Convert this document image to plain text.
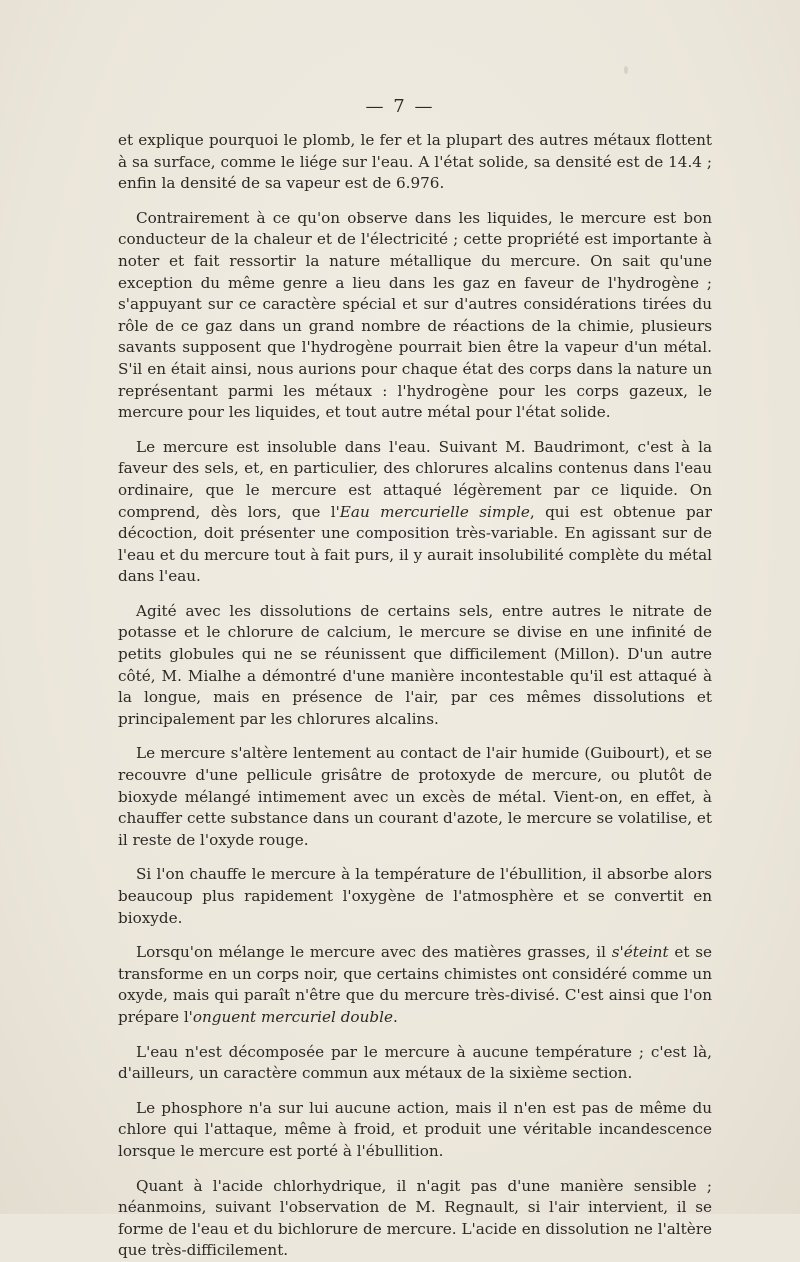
— 7 —

et explique pourquoi le plomb, le fer et la plupart des autres métaux flottent à sa surface, comme le liége sur l'eau. A l'état solide, sa densité est de 14.4 ; enfin la densité de sa vapeur est de 6.976.

Contrairement à ce qu'on observe dans les liquides, le mercure est bon conducteur de la chaleur et de l'électricité ; cette propriété est importante à noter et fait ressortir la nature métallique du mercure. On sait qu'une exception du même genre a lieu dans les gaz en faveur de l'hydrogène ; s'appuyant sur ce caractère spécial et sur d'autres considérations tirées du rôle de ce gaz dans un grand nombre de réactions de la chimie, plusieurs savants supposent que l'hydrogène pourrait bien être la vapeur d'un métal. S'il en était ainsi, nous aurions pour chaque état des corps dans la nature un représentant parmi les métaux : l'hydrogène pour les corps gazeux, le mercure pour les liquides, et tout autre métal pour l'état solide.

Le mercure est insoluble dans l'eau. Suivant M. Baudrimont, c'est à la faveur des sels, et, en particulier, des chlorures alcalins contenus dans l'eau ordinaire, que le mercure est attaqué légèrement par ce liquide. On comprend, dès lors, que l'Eau mercurielle simple, qui est obtenue par décoction, doit présenter une composition très-variable. En agissant sur de l'eau et du mercure tout à fait purs, il y aurait insolubilité complète du métal dans l'eau.

Agité avec les dissolutions de certains sels, entre autres le nitrate de potasse et le chlorure de calcium, le mercure se divise en une infinité de petits globules qui ne se réunissent que difficilement (Millon). D'un autre côté, M. Mialhe a démontré d'une manière incontestable qu'il est attaqué à la longue, mais en présence de l'air, par ces mêmes dissolutions et principalement par les chlorures alcalins.

Le mercure s'altère lentement au contact de l'air humide (Guibourt), et se recouvre d'une pellicule grisâtre de protoxyde de mercure, ou plutôt de bioxyde mélangé intimement avec un excès de métal. Vient-on, en effet, à chauffer cette substance dans un courant d'azote, le mercure se volatilise, et il reste de l'oxyde rouge.

Si l'on chauffe le mercure à la température de l'ébullition, il absorbe alors beaucoup plus rapidement l'oxygène de l'atmosphère et se convertit en bioxyde.

Lorsqu'on mélange le mercure avec des matières grasses, il s'éteint et se transforme en un corps noir, que certains chimistes ont considéré comme un oxyde, mais qui paraît n'être que du mercure très-divisé. C'est ainsi que l'on prépare l'onguent mercuriel double.

L'eau n'est décomposée par le mercure à aucune température ; c'est là, d'ailleurs, un caractère commun aux métaux de la sixième section.

Le phosphore n'a sur lui aucune action, mais il n'en est pas de même du chlore qui l'attaque, même à froid, et produit une véritable incandescence lorsque le mercure est porté à l'ébullition.

Quant à l'acide chlorhydrique, il n'agit pas d'une manière sensible ; néanmoins, suivant l'observation de M. Regnault, si l'air intervient, il se forme de l'eau et du bichlorure de mercure. L'acide en dissolution ne l'altère que très-difficilement.
